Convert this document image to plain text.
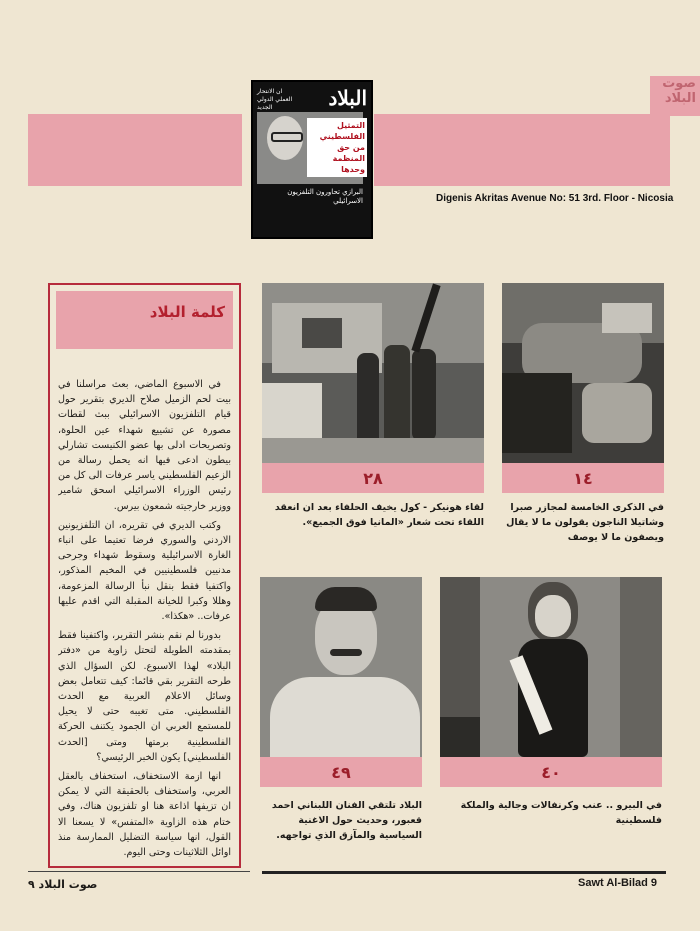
صوت البلاد
البلاد
ان الانتحار العملي الدولي الجديد
التمثيل الفلسطيني من حق المنظمة وحدها
البرازي تحاورون التلفزيون الاسرائيلي	Digenis Akritas Avenue No: 51 3rd. Floor - Nicosia
كلمة البلاد

في الاسبوع الماضي، بعث مراسلنا في بيت لحم الزميل صلاح الديري بتقرير حول قيام التلفزيون الاسرائيلي ببث لقطات مصورة عن تشييع شهداء عين الحلوة، وتصريحات ادلى بها عضو الكنيست تشارلي بيطون ادعى فيها انه يحمل رسالة من الزعيم الفلسطيني ياسر عرفات الى كل من رئيس الوزراء الاسرائيلي اسحق شامير ووزير خارجيته شمعون بيرس.

وكتب الديري في تقريره، ان التلفزيونين الاردني والسوري فرضا تعتيما على انباء الغارة الاسرائيلية وسقوط شهداء وجرحى مدنيين فلسطينيين في المخيم المذكور، واكتفيا فقط بنقل نبأ الرسالة المزعومة، وهللا وكبرا للخيانة المقبلة التي اقدم عليها عرفات.. «هكذا».

بدورنا لم نقم بنشر التقرير، واكتفينا فقط بمقدمته الطويلة لتحتل زاوية من «دفتر البلاد» لهذا الاسبوع. لكن السؤال الذي طرحه التقرير بقي قائما: كيف تتعامل بعض وسائل الاعلام العربية مع الحدث الفلسطيني. متى تغيبه حتى لا يحيل للمستمع العربي ان الجمود يكتنف الحركة الفلسطينية برمتها ومتى [الحدث الفلسطيني] يكون الخبر الرئيسي؟

انها ازمة الاستخفاف، استخفاف بالعقل العربي، واستخفاف بالحقيقة التي لا يمكن ان تزيفها اذاعة هنا او تلفزيون هناك، وفي ختام هذه الزاوية «المتفس» لا يسعنا الا القول، انها سياسة التضليل الممارسة منذ اوائل الثلاثينات وحتى اليوم.

٢٨
لقاء هونيكر - كول يخيف الحلفاء بعد ان انعقد اللقاء تحت شعار «المانيا فوق الجميع».
١٤
في الذكرى الخامسة لمجازر صبرا وشاتيلا الناجون يقولون ما لا يقال ويصفون ما لا يوصف
٤٩
البلاد تلتقي الفنان اللبناني احمد قعبور، وحديث حول الاغنية السياسية والمآزق الذي تواجهه.
٤٠
في البيرو .. عنب وكرنفالات وجالية والملكة فلسطينية
صوت البلاد ٩	Sawt Al-Bilad 9
